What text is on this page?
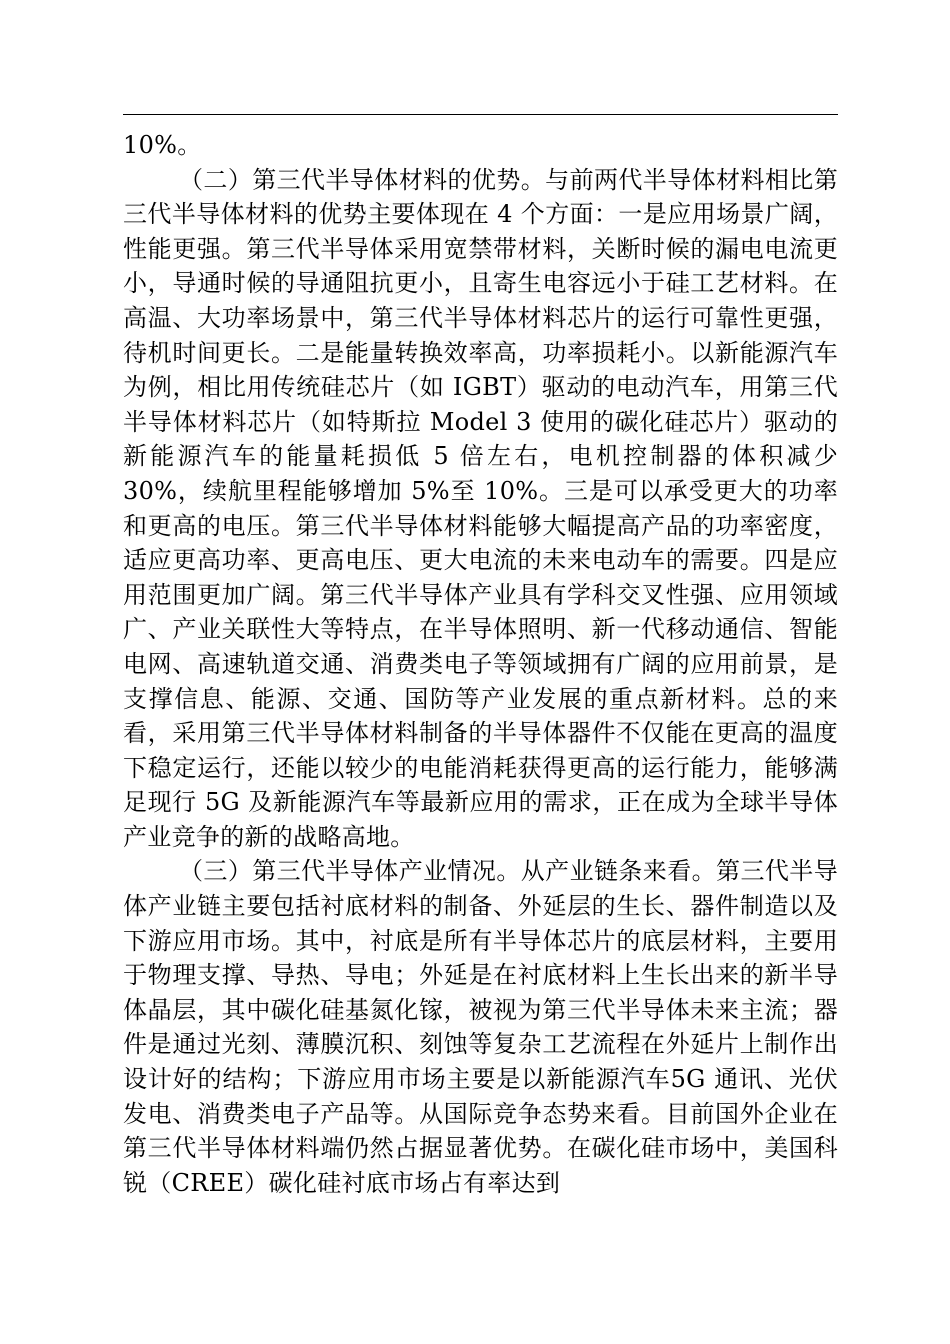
10%。

（二）第三代半导体材料的优势。与前两代半导体材料相比第三代半导体材料的优势主要体现在 4 个方面：一是应用场景广阔，性能更强。第三代半导体采用宽禁带材料，关断时候的漏电电流更小，导通时候的导通阻抗更小，且寄生电容远小于硅工艺材料。在高温、大功率场景中，第三代半导体材料芯片的运行可靠性更强，待机时间更长。二是能量转换效率高，功率损耗小。以新能源汽车为例，相比用传统硅芯片（如 IGBT）驱动的电动汽车，用第三代半导体材料芯片（如特斯拉 Model 3 使用的碳化硅芯片）驱动的新能源汽车的能量耗损低 5 倍左右，电机控制器的体积减少 30%，续航里程能够增加 5%至 10%。三是可以承受更大的功率和更高的电压。第三代半导体材料能够大幅提高产品的功率密度，适应更高功率、更高电压、更大电流的未来电动车的需要。四是应用范围更加广阔。第三代半导体产业具有学科交叉性强、应用领域广、产业关联性大等特点，在半导体照明、新一代移动通信、智能电网、高速轨道交通、消费类电子等领域拥有广阔的应用前景，是支撑信息、能源、交通、国防等产业发展的重点新材料。总的来看，采用第三代半导体材料制备的半导体器件不仅能在更高的温度下稳定运行，还能以较少的电能消耗获得更高的运行能力，能够满足现行 5G 及新能源汽车等最新应用的需求，正在成为全球半导体产业竞争的新的战略高地。

（三）第三代半导体产业情况。从产业链条来看。第三代半导体产业链主要包括衬底材料的制备、外延层的生长、器件制造以及下游应用市场。其中，衬底是所有半导体芯片的底层材料，主要用于物理支撑、导热、导电；外延是在衬底材料上生长出来的新半导体晶层，其中碳化硅基氮化镓，被视为第三代半导体未来主流；器件是通过光刻、薄膜沉积、刻蚀等复杂工艺流程在外延片上制作出设计好的结构；下游应用市场主要是以新能源汽车5G 通讯、光伏发电、消费类电子产品等。从国际竞争态势来看。目前国外企业在第三代半导体材料端仍然占据显著优势。在碳化硅市场中，美国科锐（CREE）碳化硅衬底市场占有率达到
